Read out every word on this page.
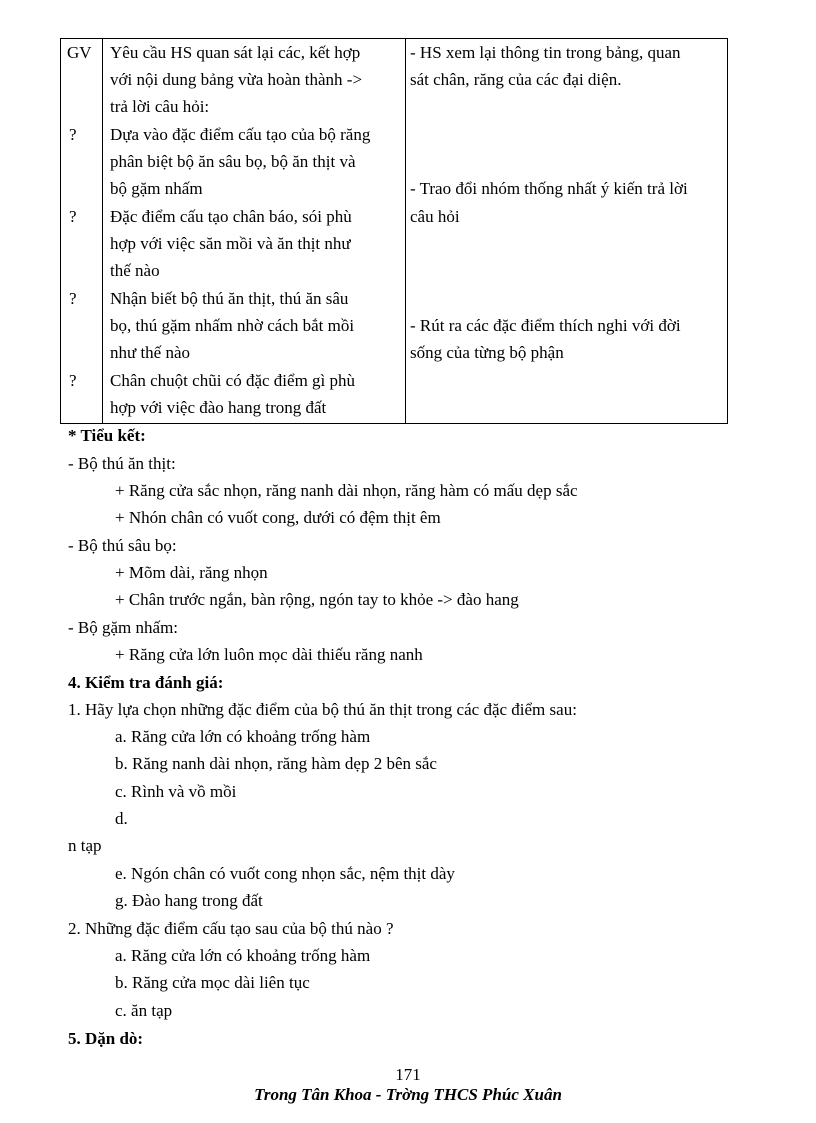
GV
?
?
?
?
Yêu cầu HS quan sát lại các, kết hợp
với nội dung bảng vừa hoàn thành ->
trả lời câu hỏi:
Dựa vào đặc điểm cấu tạo của bộ răng
phân biệt bộ ăn sâu bọ, bộ ăn thịt và
bộ gặm nhấm
Đặc điểm cấu tạo chân báo, sói phù
hợp với việc săn mồi và ăn thịt như
thế nào
Nhận biết bộ thú ăn thịt, thú ăn sâu
bọ, thú gặm nhấm nhờ cách bắt mồi
như thế nào
Chân chuột chũi có đặc điểm gì phù
hợp với việc đào hang trong đất
- HS xem lại thông tin trong bảng, quan
sát chân, răng của các đại diện.
- Trao đổi nhóm thống nhất ý kiến trả lời
câu hỏi
- Rút ra các đặc điểm thích nghi với đời
sống của từng bộ phận
* Tiểu kết:
- Bộ thú ăn thịt:
+ Răng cửa sắc nhọn, răng nanh dài nhọn, răng hàm có mấu dẹp sắc
+ Nhón chân có vuốt cong, dưới có đệm thịt êm
- Bộ thú sâu bọ:
+ Mõm dài, răng nhọn
+ Chân trước ngắn, bàn rộng, ngón tay to khỏe -> đào hang
- Bộ gặm nhấm:
+ Răng cửa lớn luôn mọc dài thiếu răng nanh
4. Kiểm tra đánh giá:
1. Hãy lựa chọn những đặc điểm của bộ thú ăn thịt trong các đặc điểm sau:
a. Răng cửa lớn có khoảng trống hàm
b. Răng nanh dài nhọn, răng hàm dẹp 2 bên sắc
c. Rình và vồ mồi
d.
n tạp
e. Ngón chân có vuốt cong nhọn sắc, nệm thịt dày
g. Đào hang trong đất
2. Những đặc điểm cấu tạo sau của bộ thú nào ?
a. Răng cửa lớn có khoảng trống hàm
b. Răng cửa mọc dài liên tục
c. ăn tạp
5. Dặn dò:
171
Trong Tân Khoa - Trờng THCS Phúc Xuân
